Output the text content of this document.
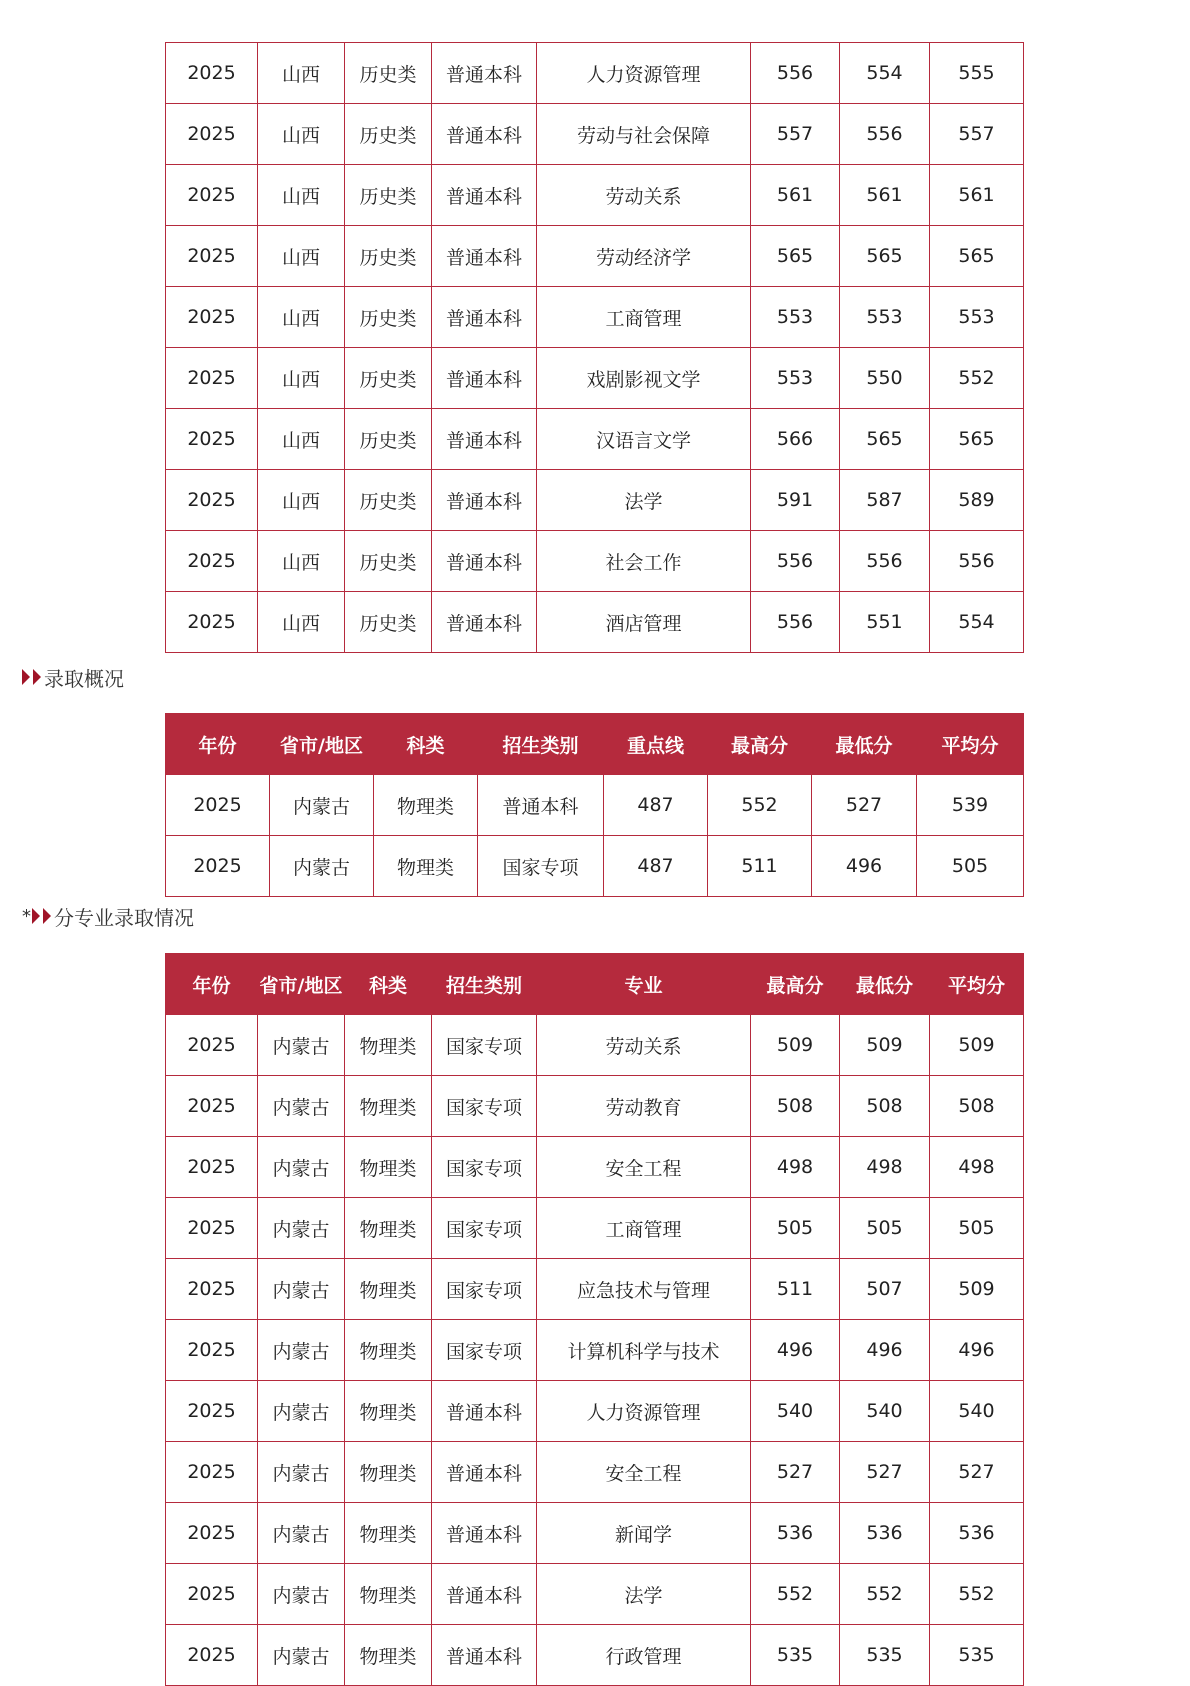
2025	山西	历史类	普通本科	人力资源管理	556	554	555
2025	山西	历史类	普通本科	劳动与社会保障	557	556	557
2025	山西	历史类	普通本科	劳动关系	561	561	561
2025	山西	历史类	普通本科	劳动经济学	565	565	565
2025	山西	历史类	普通本科	工商管理	553	553	553
2025	山西	历史类	普通本科	戏剧影视文学	553	550	552
2025	山西	历史类	普通本科	汉语言文学	566	565	565
2025	山西	历史类	普通本科	法学	591	587	589
2025	山西	历史类	普通本科	社会工作	556	556	556
2025	山西	历史类	普通本科	酒店管理	556	551	554
录取概况
年份	省市/地区	科类	招生类别	重点线	最高分	最低分	平均分
2025	内蒙古	物理类	普通本科	487	552	527	539
2025	内蒙古	物理类	国家专项	487	511	496	505
* 分专业录取情况
年份	省市/地区	科类	招生类别	专业	最高分	最低分	平均分
2025	内蒙古	物理类	国家专项	劳动关系	509	509	509
2025	内蒙古	物理类	国家专项	劳动教育	508	508	508
2025	内蒙古	物理类	国家专项	安全工程	498	498	498
2025	内蒙古	物理类	国家专项	工商管理	505	505	505
2025	内蒙古	物理类	国家专项	应急技术与管理	511	507	509
2025	内蒙古	物理类	国家专项	计算机科学与技术	496	496	496
2025	内蒙古	物理类	普通本科	人力资源管理	540	540	540
2025	内蒙古	物理类	普通本科	安全工程	527	527	527
2025	内蒙古	物理类	普通本科	新闻学	536	536	536
2025	内蒙古	物理类	普通本科	法学	552	552	552
2025	内蒙古	物理类	普通本科	行政管理	535	535	535
